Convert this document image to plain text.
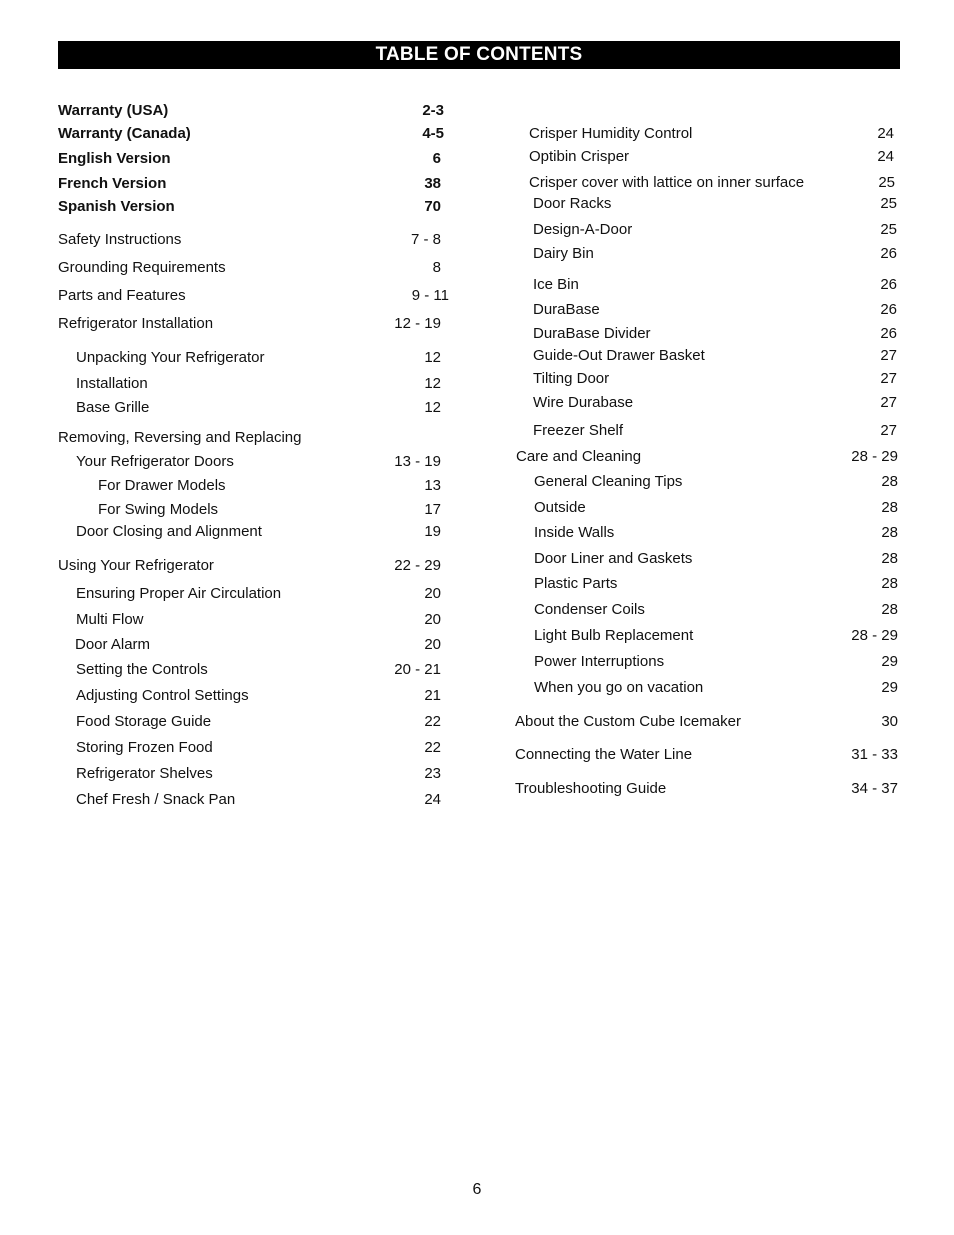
TABLE OF CONTENTS
Warranty (USA)	2-3
Warranty (Canada)	4-5
English Version	6
French Version	38
Spanish Version	70
Safety Instructions	7 - 8
Grounding Requirements	8
Parts and Features	9 - 11
Refrigerator Installation	12 - 19
Unpacking Your Refrigerator	12
Installation	12
Base Grille	12
Removing, Reversing and Replacing
Your Refrigerator Doors	13 - 19
For Drawer Models	13
For Swing Models	17
Door Closing and Alignment	19
Using Your Refrigerator	22 - 29
Ensuring Proper Air Circulation	20
Multi Flow	20
Door Alarm	20
Setting the Controls	20 - 21
Adjusting Control Settings	21
Food Storage Guide	22
Storing Frozen Food	22
Refrigerator Shelves	23
Chef Fresh / Snack Pan	24
Crisper Humidity Control	24
Optibin Crisper	24
Crisper cover with lattice on inner surface	25
Door Racks	25
Design-A-Door	25
Dairy Bin	26
Ice Bin	26
DuraBase	26
DuraBase Divider	26
Guide-Out Drawer Basket	27
Tilting Door	27
Wire Durabase	27
Freezer Shelf	27
Care and Cleaning	28 - 29
General Cleaning Tips	28
Outside	28
Inside Walls	28
Door Liner and Gaskets	28
Plastic Parts	28
Condenser Coils	28
Light Bulb Replacement	28 - 29
Power Interruptions	29
When you go on vacation	29
About the Custom Cube Icemaker	30
Connecting the Water Line	31 - 33
Troubleshooting Guide	34 - 37
6
